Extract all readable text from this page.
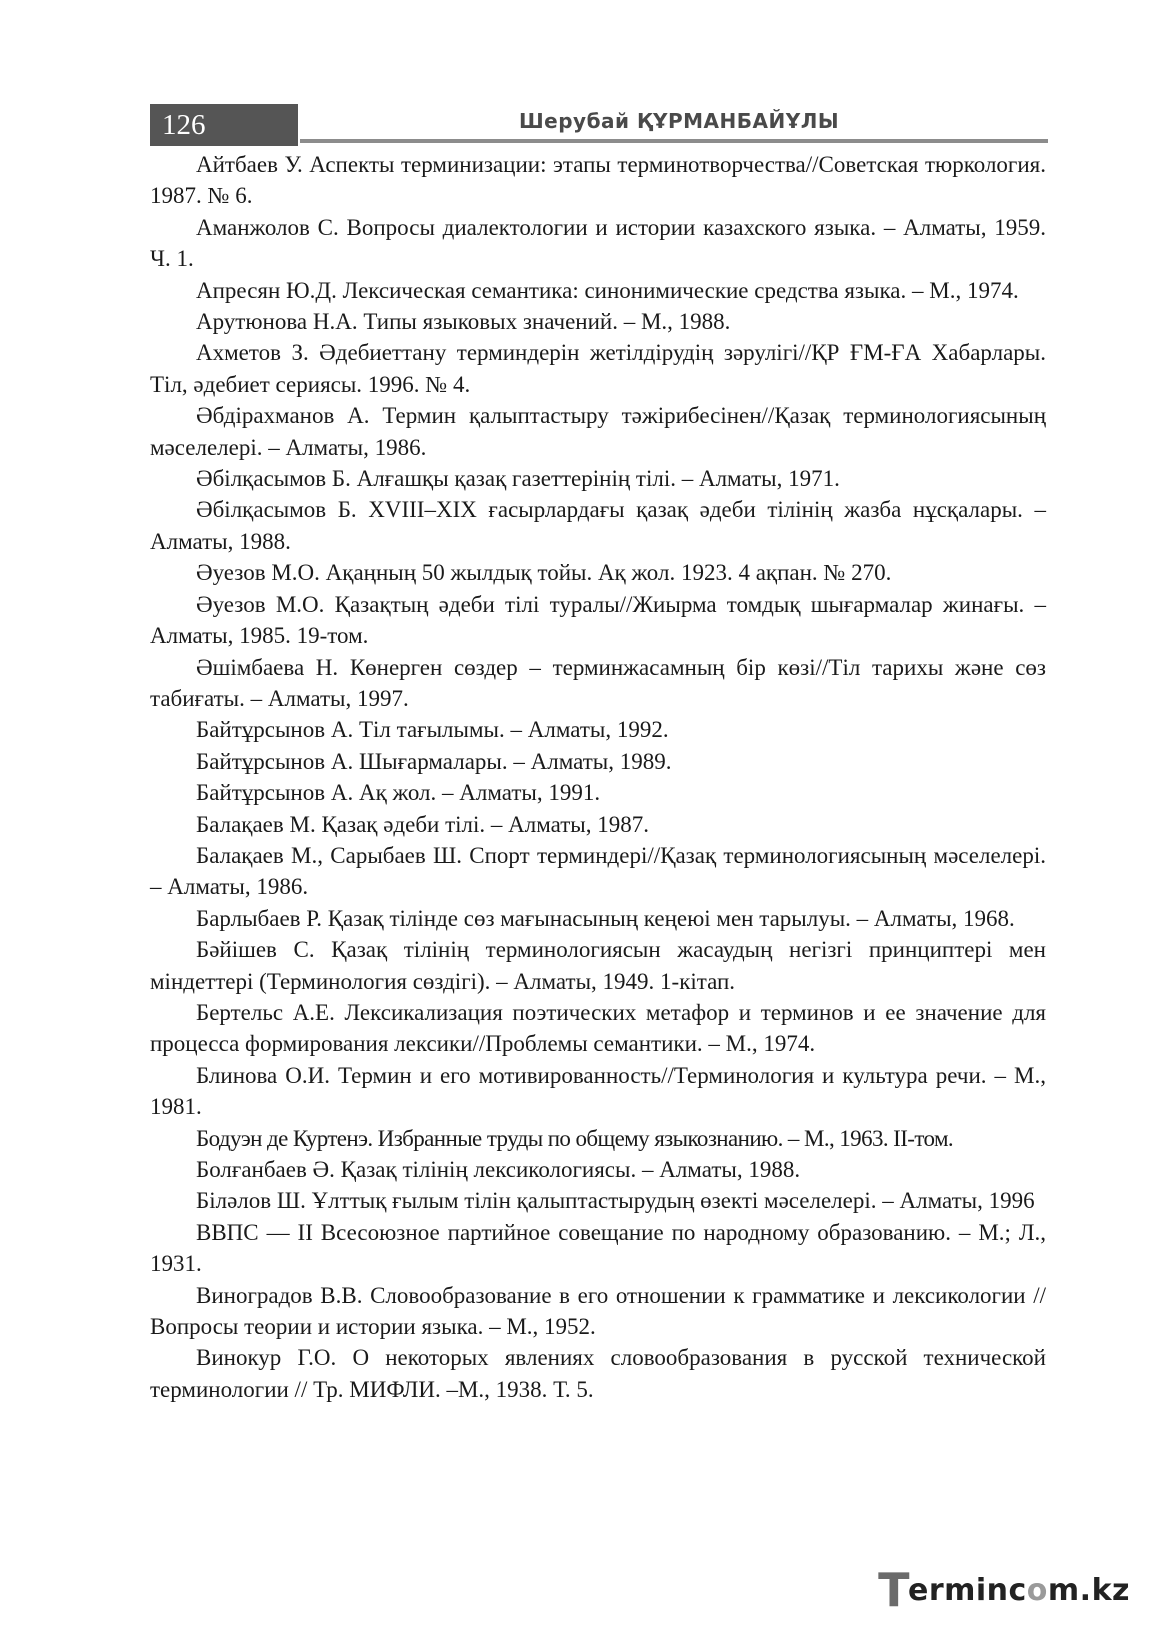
126	Шерубай ҚҰРМАНБАЙҰЛЫ
Айтбаев У. Аспекты терминизации: этапы терминотворчества//Советская тюркология. 1987. № 6.
Аманжолов С. Вопросы диалектологии и истории казахского языка. – Алматы, 1959. Ч. 1.
Апресян Ю.Д. Лексическая семантика: синонимические средства языка. – М., 1974.
Арутюнова Н.А. Типы языковых значений. – М., 1988.
Ахметов З. Әдебиеттану терминдерін жетілдірудің зәрулігі//ҚР ҒМ-ҒА Хабарлары. Тіл, әдебиет сериясы. 1996. № 4.
Әбдірахманов А. Термин қалыптастыру тәжірибесінен//Қазақ терминологиясының мәселелері. – Алматы, 1986.
Әбілқасымов Б. Алғашқы қазақ газеттерінің тілі. – Алматы, 1971.
Әбілқасымов Б. XVIII–XIX ғасырлардағы қазақ әдеби тілінің жазба нұсқалары. – Алматы, 1988.
Әуезов М.О. Ақаңның 50 жылдық тойы. Ақ жол. 1923. 4 ақпан. № 270.
Әуезов М.О. Қазақтың әдеби тілі туралы//Жиырма томдық шығармалар жинағы. – Алматы, 1985. 19-том.
Әшімбаева Н. Көнерген сөздер – терминжасамның бір көзі//Тіл тарихы және сөз табиғаты. – Алматы, 1997.
Байтұрсынов А. Тіл тағылымы. – Алматы, 1992.
Байтұрсынов А. Шығармалары. – Алматы, 1989.
Байтұрсынов А. Ақ жол. – Алматы, 1991.
Балақаев М. Қазақ әдеби тілі. – Алматы, 1987.
Балақаев М., Сарыбаев Ш. Спорт терминдері//Қазақ терминологиясының мәселелері. – Алматы, 1986.
Барлыбаев Р. Қазақ тілінде сөз мағынасының кеңеюі мен тарылуы. – Алматы, 1968.
Бәйішев С. Қазақ тілінің терминологиясын жасаудың негізгі принциптері мен міндеттері (Терминология сөздігі). – Алматы, 1949. 1-кітап.
Бертельс А.Е. Лексикализация поэтических метафор и терминов и ее значение для процесса формирования лексики//Проблемы семантики. – М., 1974.
Блинова О.И. Термин и его мотивированность//Терминология и культура речи. – М., 1981.
Бодуэн де Куртенэ. Избранные труды по общему языкознанию. – М., 1963. II-том.
Болғанбаев Ә. Қазақ тілінің лексикологиясы. – Алматы, 1988.
Біләлов Ш. Ұлттық ғылым тілін қалыптастырудың өзекті мәселелері. – Алматы, 1996
ВВПС — II Всесоюзное партийное совещание по народному образованию. – М.; Л., 1931.
Виноградов В.В. Словообразование в его отношении к грамматике и лексикологии // Вопросы теории и истории языка. – М., 1952.
Винокур Г.О. О некоторых явлениях словообразования в русской технической терминологии // Тр. МИФЛИ. –М., 1938. Т. 5.
Termincom.kz
